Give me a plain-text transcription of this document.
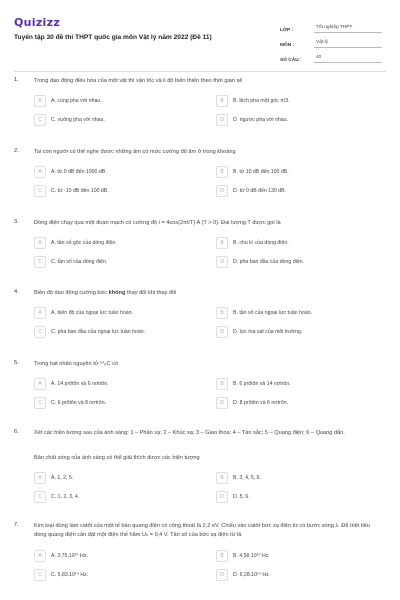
Quizizz
Tuyển tập 30 đề thi THPT quốc gia môn Vật lý năm 2022 (Đề 11)
LỚP :
Tốt nghiệp THPT
MÔN :
Vật lý
SỐ CÂU :
40
1.	Trong dao động điều hòa của một vật thì vận tốc và li độ biến thiên theo thời gian sẽ
A	A. cùng pha với nhau.	B	B. lệch pha một góc π/3.
C	C. vuông pha với nhau.	D	D. ngược pha với nhau.
2.	Tai con người có thể nghe được những âm có mức cường độ âm ở trong khoảng
A	A. từ 0 dB đến 1000 dB.	B	B. từ 10 dB đến 100 dB.
C	C. từ -10 dB đến 100 dB.	D	D. từ 0 dB đến 130 dB.
3.	Dòng điện chạy qua một đoạn mạch có cường độ i = 4cos(2πt/T) A (T > 0). Đại lượng T được gọi là
A	A. tần số góc của dòng điện.	B	B. chu kì của dòng điện.
C	C. tần số của dòng điện.	D	D. pha ban đầu của dòng điện.
4.	Biên độ dao động cưỡng bức không thay đổi khi thay đổi
A	A. biên độ của ngoại lực tuần hoàn.	B	B. tần số của ngoại lực tuần hoàn.
C	C. pha ban đầu của ngoại lực tuần hoàn.	D	D. lực ma sát của môi trường.
5.	Trong hạt nhân nguyên tử ¹⁴₆C có
A	A. 14 prôtôn và 6 nơtrôn.	B	B. 6 prôtôn và 14 nơtrôn.
C	C. 6 prôtôn và 8 nơtrôn.	D	D. 8 prôtôn và 6 nơtrôn.
6.	Xét các hiện tượng sau của ánh sáng: 1 – Phản xạ; 2 – Khúc xạ; 3 – Giao thoa; 4 – Tán sắc; 5 – Quang điện; 6 – Quang dẫn.
Bản chất sóng của ánh sáng có thể giải thích được các hiện tượng
A	A. 1, 2, 5.	B	B. 3, 4, 5, 6.
C	C. 1, 2, 3, 4.	D	D. 5, 6.
7.	Kim loại dùng làm catôt của một tế bào quang điện có công thoát là 2,2 eV. Chiếu vào catôt bức xạ điện từ có bước sóng λ. Để triệt tiêu dòng quang điện cần đặt một điện thế hãm Uₕ = 0,4 V. Tần số của bức xạ điện từ là
A	A. 3,75.10¹⁴ Hz.	B	B. 4,58.10¹⁴ Hz.
C	C. 5,83.10¹⁴ Hz.	D	D. 6,28.10¹⁴ Hz.
